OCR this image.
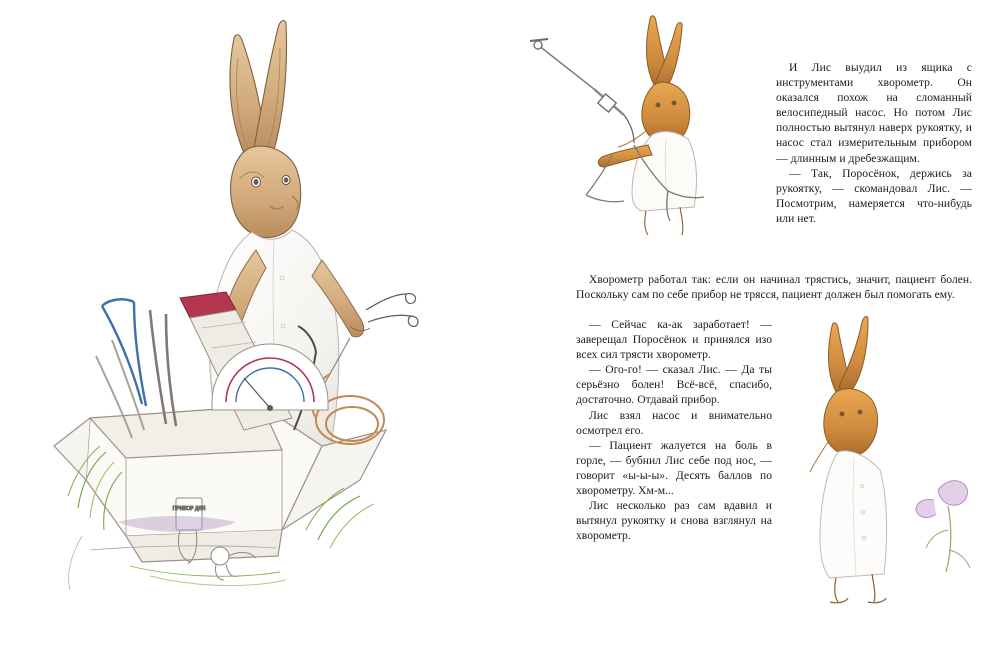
ПРИБОР ДЛЯ

И Лис выудил из ящика с инструментами хворометр. Он оказался похож на сломанный велосипедный насос. Но потом Лис полностью вытянул наверх рукоятку, и насос стал измерительным прибором — длинным и дребезжащим.

— Так, Поросёнок, держись за рукоятку, — скомандовал Лис. — Посмотрим, намеряется что-нибудь или нет.

Хворометр работал так: если он начинал трястись, значит, пациент болен. Поскольку сам по себе прибор не трясся, пациент должен был помогать ему.

— Сейчас ка-ак заработает! — заверещал Поросёнок и принялся изо всех сил трясти хворометр.

— Ого-го! — сказал Лис. — Да ты серьёзно болен! Всё-всё, спасибо, достаточно. Отдавай прибор.

Лис взял насос и внимательно осмотрел его.

— Пациент жалуется на боль в горле, — бубнил Лис себе под нос, — говорит «ы-ы-ы». Десять баллов по хворометру. Хм-м...

Лис несколько раз сам вдавил и вытянул рукоятку и снова взглянул на хворометр.
